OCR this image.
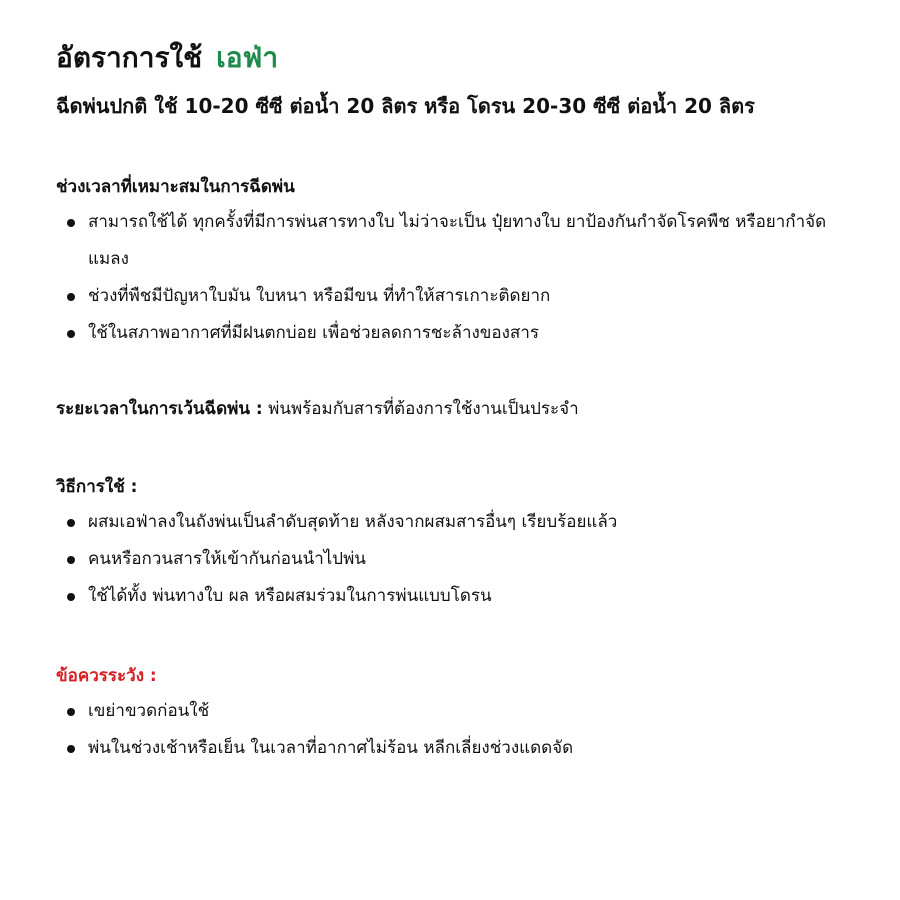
อัตราการใช้ เอฟ่า

ฉีดพ่นปกติ ใช้ 10-20 ซีซี ต่อน้ำ 20 ลิตร หรือ โดรน 20-30 ซีซี ต่อน้ำ 20 ลิตร

ช่วงเวลาที่เหมาะสมในการฉีดพ่น
สามารถใช้ได้ ทุกครั้งที่มีการพ่นสารทางใบ ไม่ว่าจะเป็น ปุ๋ยทางใบ ยาป้องกันกำจัดโรคพืช หรือยากำจัดแมลง
ช่วงที่พืชมีปัญหาใบมัน ใบหนา หรือมีขน ที่ทำให้สารเกาะติดยาก
ใช้ในสภาพอากาศที่มีฝนตกบ่อย เพื่อช่วยลดการชะล้างของสาร

ระยะเวลาในการเว้นฉีดพ่น : พ่นพร้อมกับสารที่ต้องการใช้งานเป็นประจำ

วิธีการใช้ :
ผสมเอฟ่าลงในถังพ่นเป็นลำดับสุดท้าย หลังจากผสมสารอื่นๆ เรียบร้อยแล้ว
คนหรือกวนสารให้เข้ากันก่อนนำไปพ่น
ใช้ได้ทั้ง พ่นทางใบ ผล หรือผสมร่วมในการพ่นแบบโดรน
ข้อควรระวัง :
เขย่าขวดก่อนใช้
พ่นในช่วงเช้าหรือเย็น ในเวลาที่อากาศไม่ร้อน หลีกเลี่ยงช่วงแดดจัด
